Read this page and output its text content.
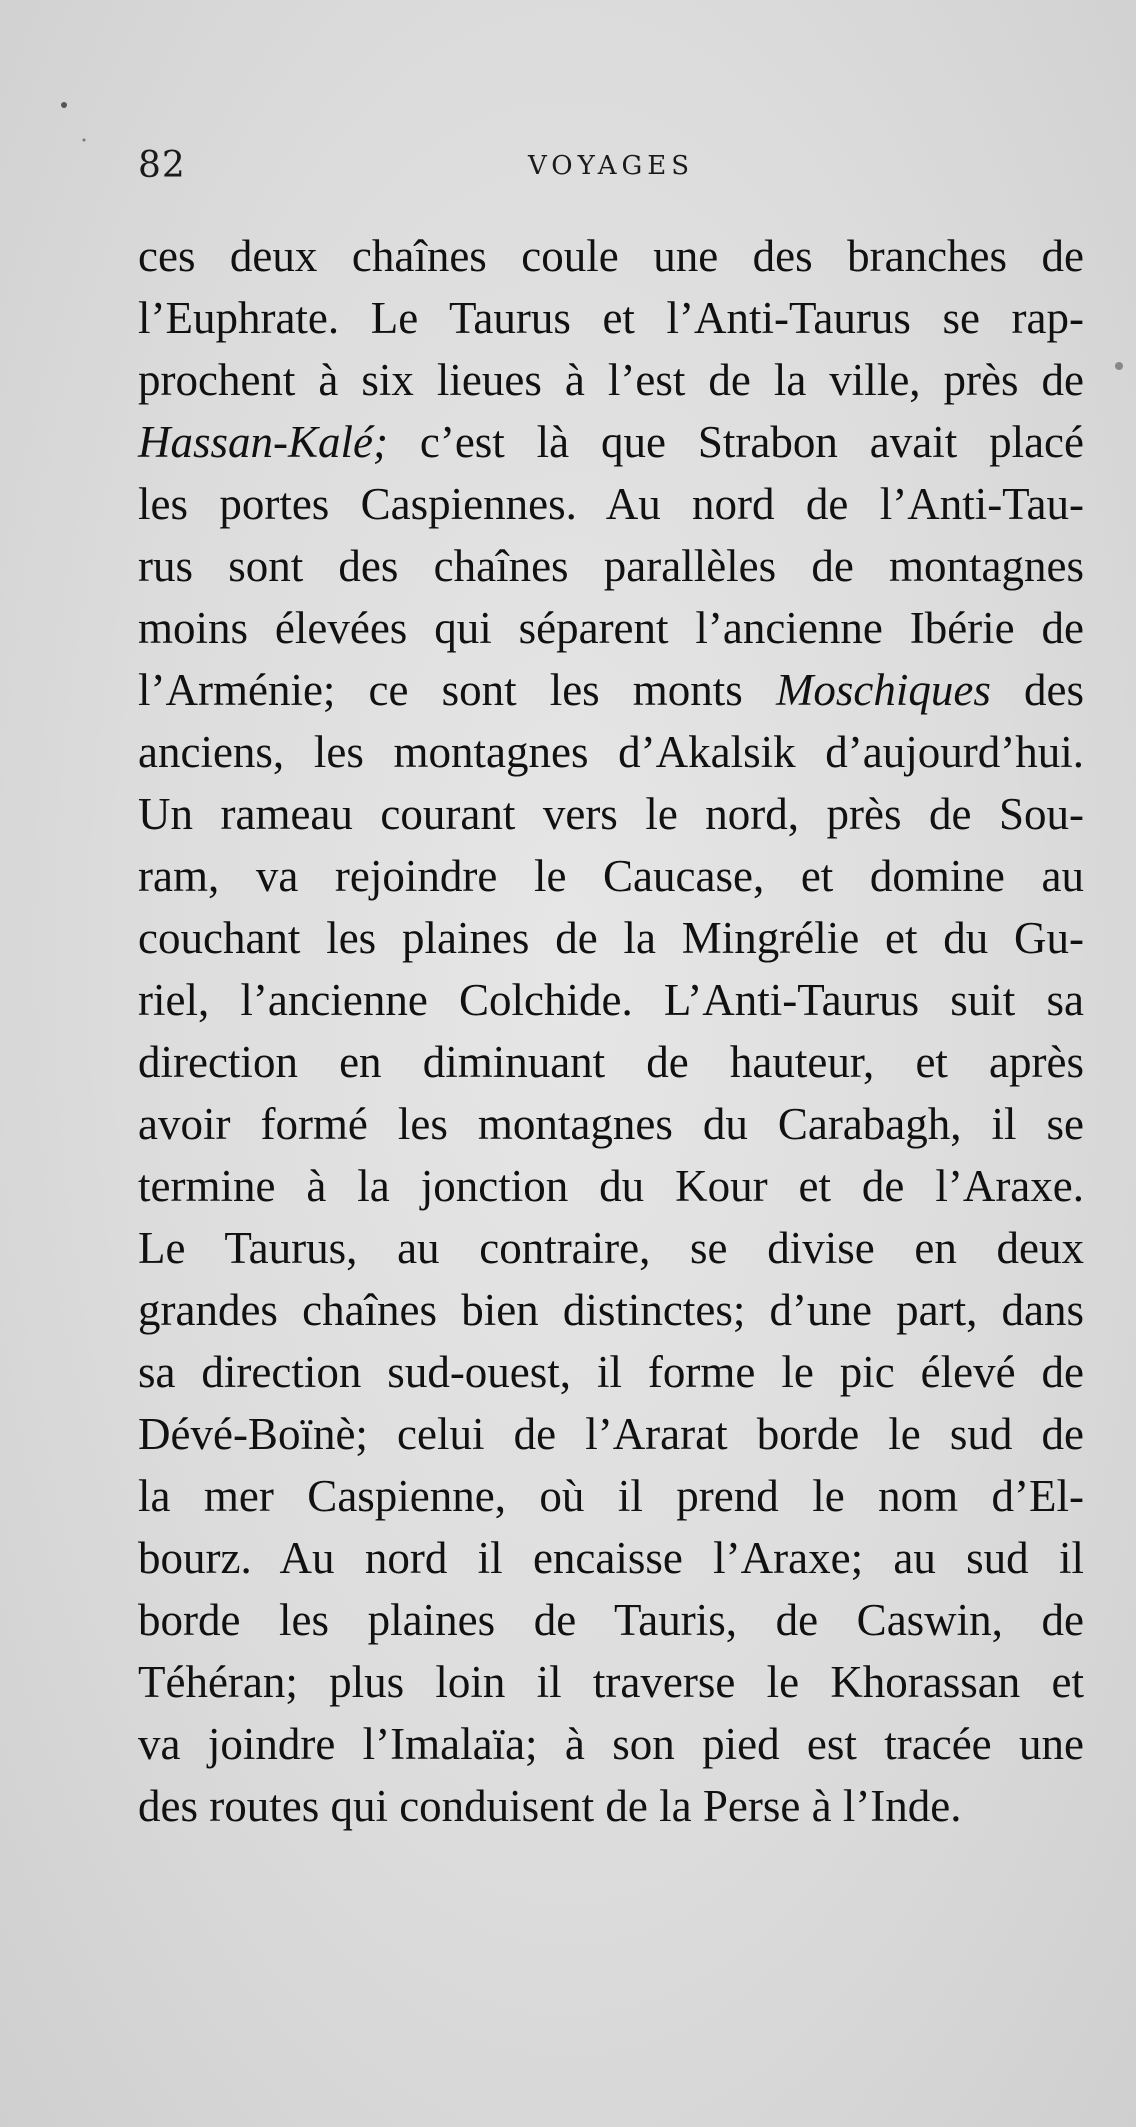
82	VOYAGES
ces deux chaînes coule une des branches de
l’Euphrate. Le Taurus et l’Anti-Taurus se rap-
prochent à six lieues à l’est de la ville, près de
Hassan-Kalé; c’est là que Strabon avait placé
les portes Caspiennes. Au nord de l’Anti-Tau-
rus sont des chaînes parallèles de montagnes
moins élevées qui séparent l’ancienne Ibérie de
l’Arménie; ce sont les monts Moschiques des
anciens, les montagnes d’Akalsik d’aujourd’hui.
Un rameau courant vers le nord, près de Sou-
ram, va rejoindre le Caucase, et domine au
couchant les plaines de la Mingrélie et du Gu-
riel, l’ancienne Colchide. L’Anti-Taurus suit sa
direction en diminuant de hauteur, et après
avoir formé les montagnes du Carabagh, il se
termine à la jonction du Kour et de l’Araxe.
Le Taurus, au contraire, se divise en deux
grandes chaînes bien distinctes; d’une part, dans
sa direction sud-ouest, il forme le pic élevé de
Dévé-Boïnè; celui de l’Ararat borde le sud de
la mer Caspienne, où il prend le nom d’El-
bourz. Au nord il encaisse l’Araxe; au sud il
borde les plaines de Tauris, de Caswin, de
Téhéran; plus loin il traverse le Khorassan et
va joindre l’Imalaïa; à son pied est tracée une
des routes qui conduisent de la Perse à l’Inde.
